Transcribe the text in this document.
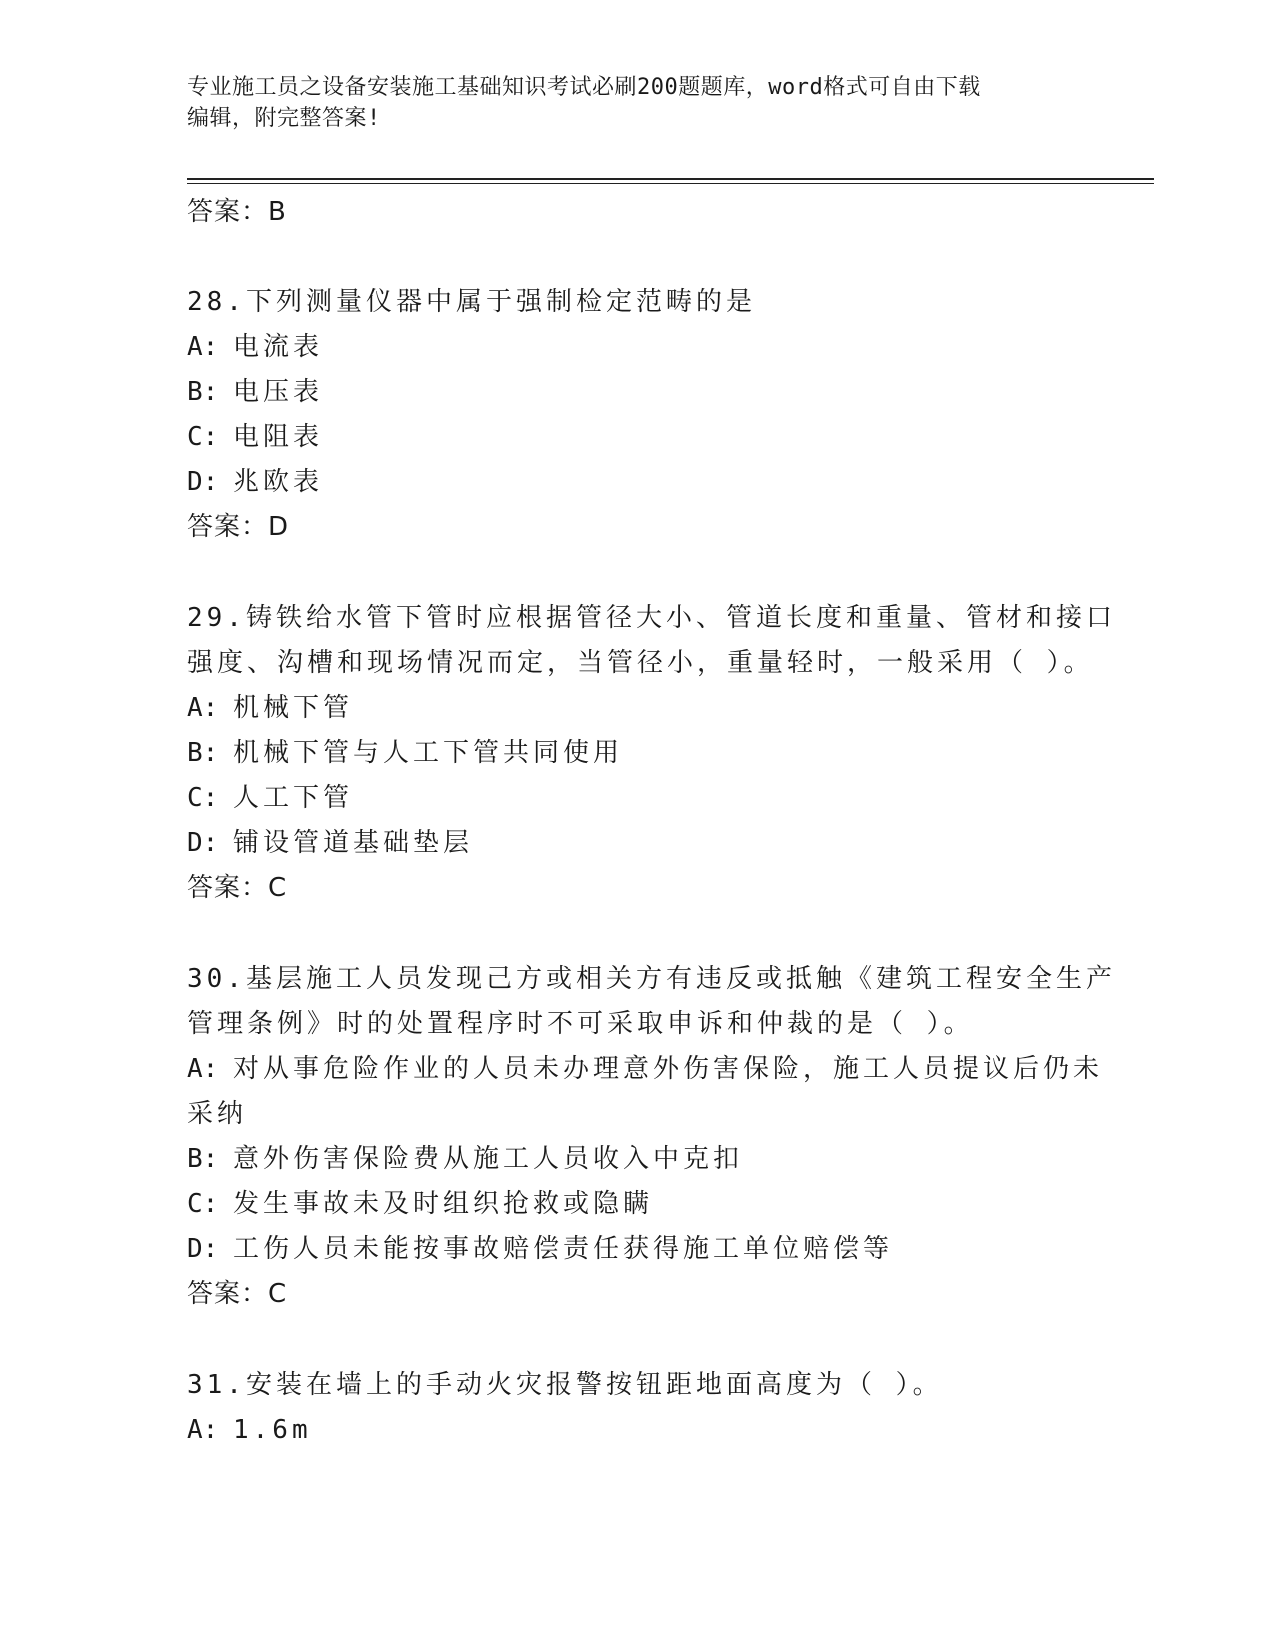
专业施工员之设备安装施工基础知识考试必刷200题题库，word格式可自由下载
编辑，附完整答案!
答案：B
28.下列测量仪器中属于强制检定范畴的是
A: 电流表
B: 电压表
C: 电阻表
D: 兆欧表
答案：D
29.铸铁给水管下管时应根据管径大小、管道长度和重量、管材和接口
强度、沟槽和现场情况而定，当管径小，重量轻时，一般采用（ ）。
A: 机械下管
B: 机械下管与人工下管共同使用
C: 人工下管
D: 铺设管道基础垫层
答案：C
30.基层施工人员发现己方或相关方有违反或抵触《建筑工程安全生产
管理条例》时的处置程序时不可采取申诉和仲裁的是（ ）。
A: 对从事危险作业的人员未办理意外伤害保险，施工人员提议后仍未
采纳
B: 意外伤害保险费从施工人员收入中克扣
C: 发生事故未及时组织抢救或隐瞒
D: 工伤人员未能按事故赔偿责任获得施工单位赔偿等
答案：C
31.安装在墙上的手动火灾报警按钮距地面高度为（ ）。
A: 1.6m
